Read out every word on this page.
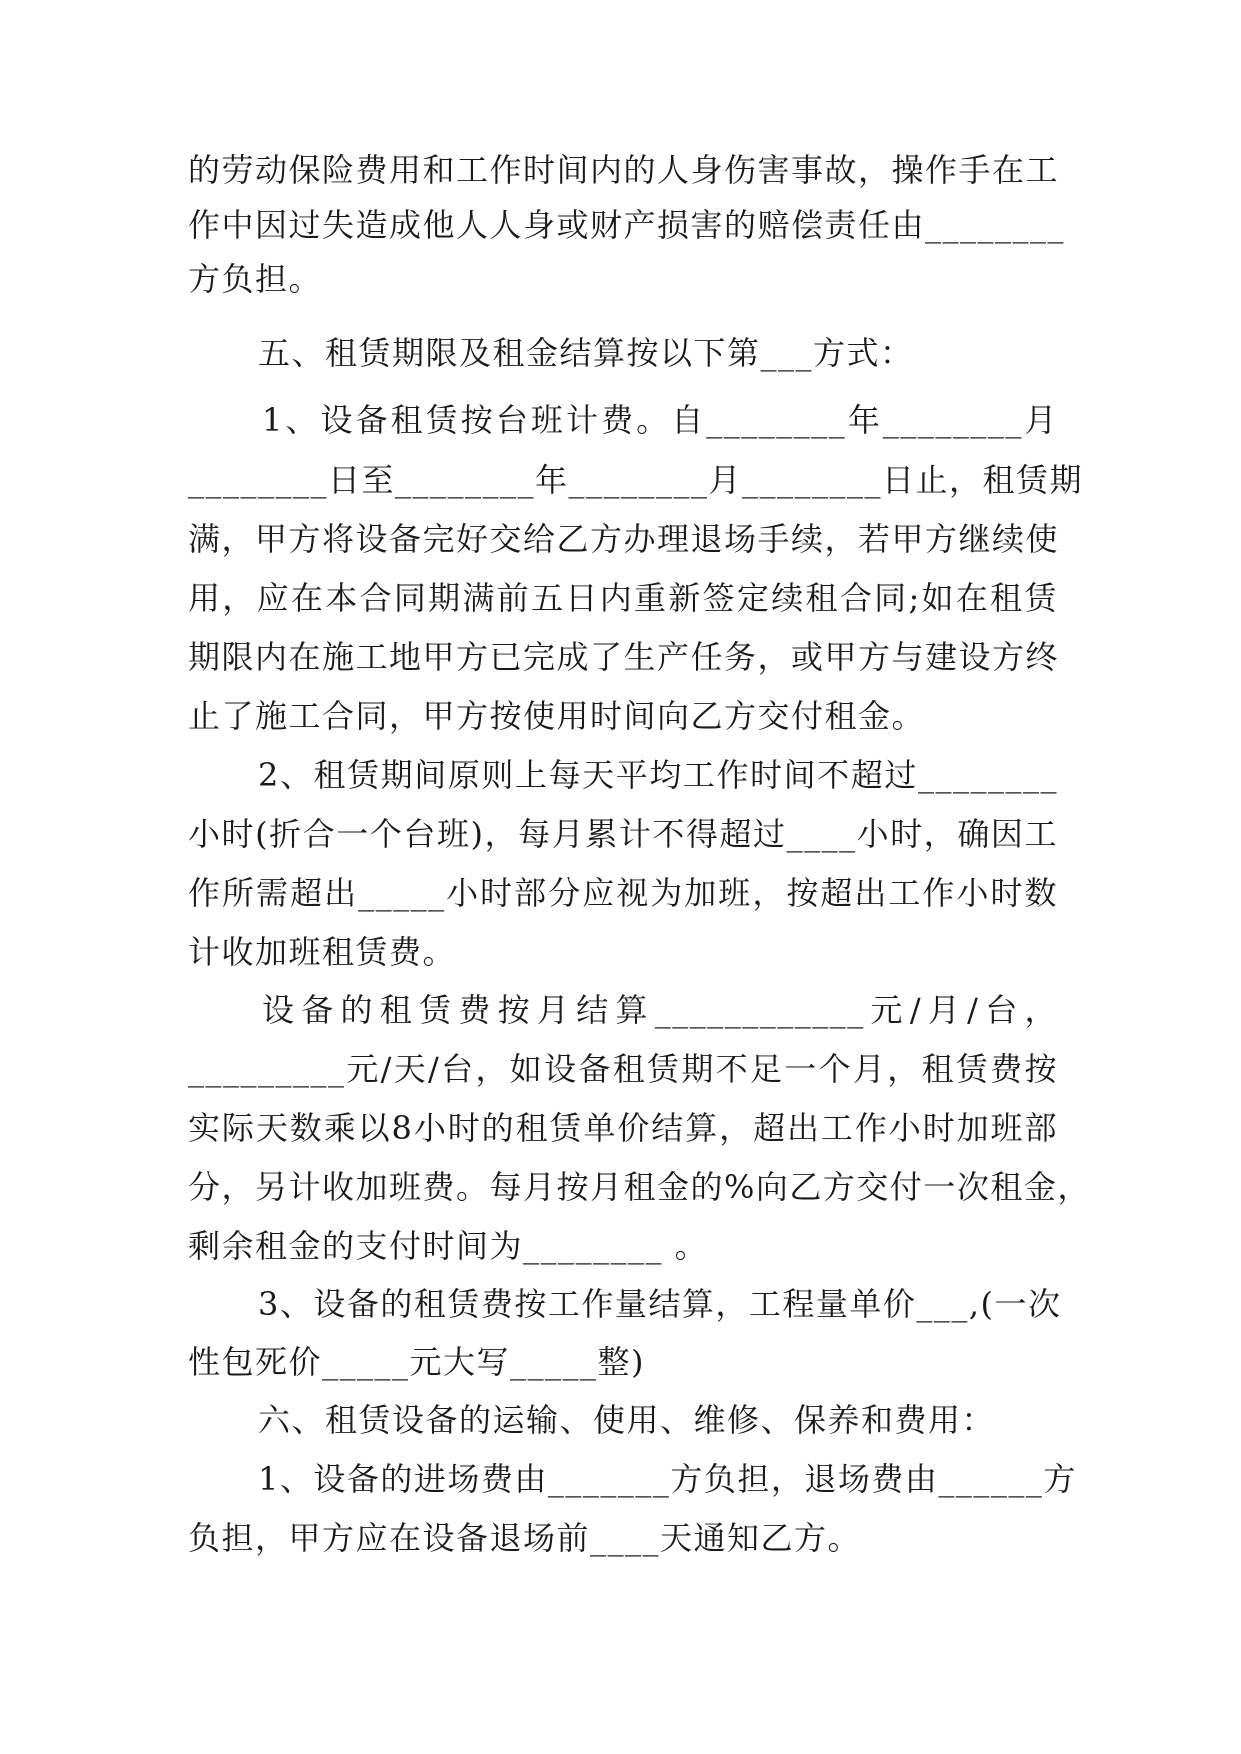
的劳动保险费用和工作时间内的人身伤害事故，操作手在工

作中因过失造成他人人身或财产损害的赔偿责任由________

方负担。

五、租赁期限及租金结算按以下第___方式：

1、设备租赁按台班计费。自________年________月

________日至________年________月________日止，租赁期

满，甲方将设备完好交给乙方办理退场手续，若甲方继续使

用，应在本合同期满前五日内重新签定续租合同;如在租赁

期限内在施工地甲方已完成了生产任务，或甲方与建设方终

止了施工合同，甲方按使用时间向乙方交付租金。

2、租赁期间原则上每天平均工作时间不超过________

小时(折合一个台班)，每月累计不得超过____小时，确因工

作所需超出_____小时部分应视为加班，按超出工作小时数

计收加班租赁费。

设备的租赁费按月结算____________元/月/台，

_________元/天/台，如设备租赁期不足一个月，租赁费按

实际天数乘以8小时的租赁单价结算，超出工作小时加班部

分，另计收加班费。每月按月租金的%向乙方交付一次租金，

剩余租金的支付时间为________ 。

3、设备的租赁费按工作量结算，工程量单价___,(一次

性包死价_____元大写_____整)

六、租赁设备的运输、使用、维修、保养和费用：

1、设备的进场费由_______方负担，退场费由______方

负担，甲方应在设备退场前____天通知乙方。
